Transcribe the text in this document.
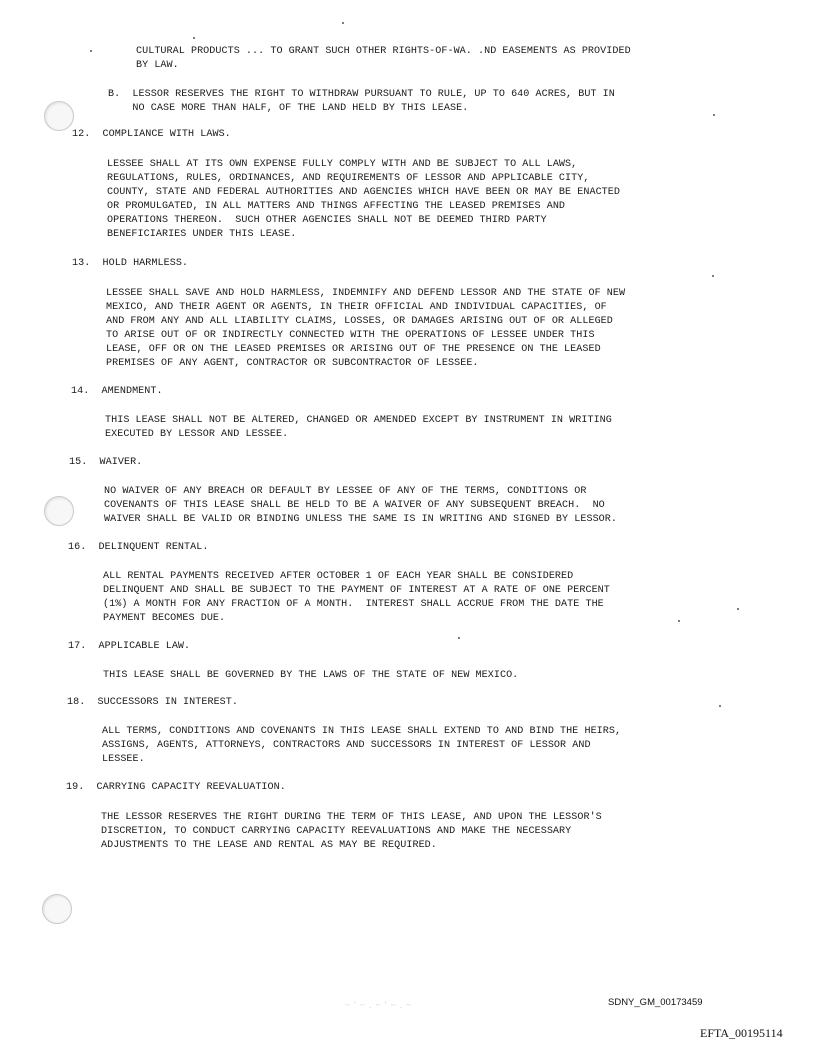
CULTURAL PRODUCTS ... TO GRANT SUCH OTHER RIGHTS-OF-WA. .ND EASEMENTS AS PROVIDED
BY LAW.
B.  LESSOR RESERVES THE RIGHT TO WITHDRAW PURSUANT TO RULE, UP TO 640 ACRES, BUT IN
NO CASE MORE THAN HALF, OF THE LAND HELD BY THIS LEASE.
12.  COMPLIANCE WITH LAWS.
LESSEE SHALL AT ITS OWN EXPENSE FULLY COMPLY WITH AND BE SUBJECT TO ALL LAWS,
REGULATIONS, RULES, ORDINANCES, AND REQUIREMENTS OF LESSOR AND APPLICABLE CITY,
COUNTY, STATE AND FEDERAL AUTHORITIES AND AGENCIES WHICH HAVE BEEN OR MAY BE ENACTED
OR PROMULGATED, IN ALL MATTERS AND THINGS AFFECTING THE LEASED PREMISES AND
OPERATIONS THEREON.  SUCH OTHER AGENCIES SHALL NOT BE DEEMED THIRD PARTY
BENEFICIARIES UNDER THIS LEASE.
13.  HOLD HARMLESS.
LESSEE SHALL SAVE AND HOLD HARMLESS, INDEMNIFY AND DEFEND LESSOR AND THE STATE OF NEW
MEXICO, AND THEIR AGENT OR AGENTS, IN THEIR OFFICIAL AND INDIVIDUAL CAPACITIES, OF
AND FROM ANY AND ALL LIABILITY CLAIMS, LOSSES, OR DAMAGES ARISING OUT OF OR ALLEGED
TO ARISE OUT OF OR INDIRECTLY CONNECTED WITH THE OPERATIONS OF LESSEE UNDER THIS
LEASE, OFF OR ON THE LEASED PREMISES OR ARISING OUT OF THE PRESENCE ON THE LEASED
PREMISES OF ANY AGENT, CONTRACTOR OR SUBCONTRACTOR OF LESSEE.
14.  AMENDMENT.
THIS LEASE SHALL NOT BE ALTERED, CHANGED OR AMENDED EXCEPT BY INSTRUMENT IN WRITING
EXECUTED BY LESSOR AND LESSEE.
15.  WAIVER.
NO WAIVER OF ANY BREACH OR DEFAULT BY LESSEE OF ANY OF THE TERMS, CONDITIONS OR
COVENANTS OF THIS LEASE SHALL BE HELD TO BE A WAIVER OF ANY SUBSEQUENT BREACH.  NO
WAIVER SHALL BE VALID OR BINDING UNLESS THE SAME IS IN WRITING AND SIGNED BY LESSOR.
16.  DELINQUENT RENTAL.
ALL RENTAL PAYMENTS RECEIVED AFTER OCTOBER 1 OF EACH YEAR SHALL BE CONSIDERED
DELINQUENT AND SHALL BE SUBJECT TO THE PAYMENT OF INTEREST AT A RATE OF ONE PERCENT
(1%) A MONTH FOR ANY FRACTION OF A MONTH.  INTEREST SHALL ACCRUE FROM THE DATE THE
PAYMENT BECOMES DUE.
17.  APPLICABLE LAW.
THIS LEASE SHALL BE GOVERNED BY THE LAWS OF THE STATE OF NEW MEXICO.
18.  SUCCESSORS IN INTEREST.
ALL TERMS, CONDITIONS AND COVENANTS IN THIS LEASE SHALL EXTEND TO AND BIND THE HEIRS,
ASSIGNS, AGENTS, ATTORNEYS, CONTRACTORS AND SUCCESSORS IN INTEREST OF LESSOR AND
LESSEE.
19.  CARRYING CAPACITY REEVALUATION.
THE LESSOR RESERVES THE RIGHT DURING THE TERM OF THIS LEASE, AND UPON THE LESSOR'S
DISCRETION, TO CONDUCT CARRYING CAPACITY REEVALUATIONS AND MAKE THE NECESSARY
ADJUSTMENTS TO THE LEASE AND RENTAL AS MAY BE REQUIRED.
~ ' ~ . ~ ' ~ . ~	SDNY_GM_00173459
EFTA_00195114
